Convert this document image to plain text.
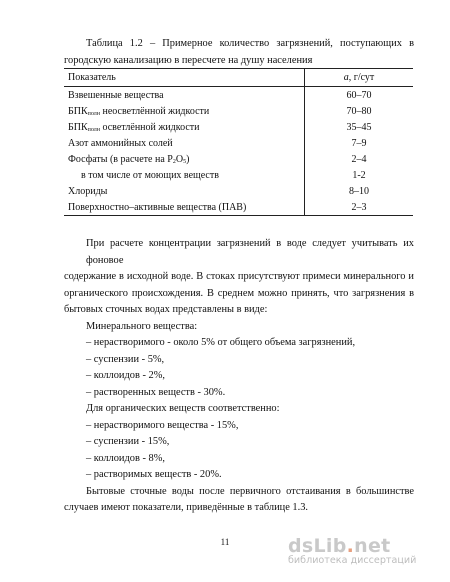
Таблица 1.2 – Примерное количество загрязнений, поступающих в
городскую канализацию в пересчете на душу населения
Показатель	a, г/сут
Взвешенные вещества	60–70
$БПК_{полн}$ неосветлённой жидкости	70–80
$БПК_{полн}$ осветлённой жидкости	35–45
Азот аммонийных солей	7–9
Фосфаты (в расчете на $P_2O_5$)	2–4
в том числе от моющих веществ	1-2
Хлориды	8–10
Поверхностно–активные вещества (ПАВ)	2–3
При расчете концентрации загрязнений в воде следует учитывать их фоновое
содержание в исходной воде. В стоках присутствуют примеси минерального и
органического происхождения. В среднем можно принять, что загрязнения в
бытовых сточных водах представлены в виде:
Минерального вещества:
– нерастворимого - около 5% от общего объема загрязнений,
– суспензии - 5%,
– коллоидов - 2%,
– растворенных веществ - 30%.
Для органических веществ соответственно:
– нерастворимого вещества - 15%,
– суспензии - 15%,
– коллоидов - 8%,
– растворимых веществ - 20%.
Бытовые сточные воды после первичного отстаивания в большинстве
случаев имеют показатели, приведённые в таблице 1.3.
11	dsLib.net
библиотека диссертаций
